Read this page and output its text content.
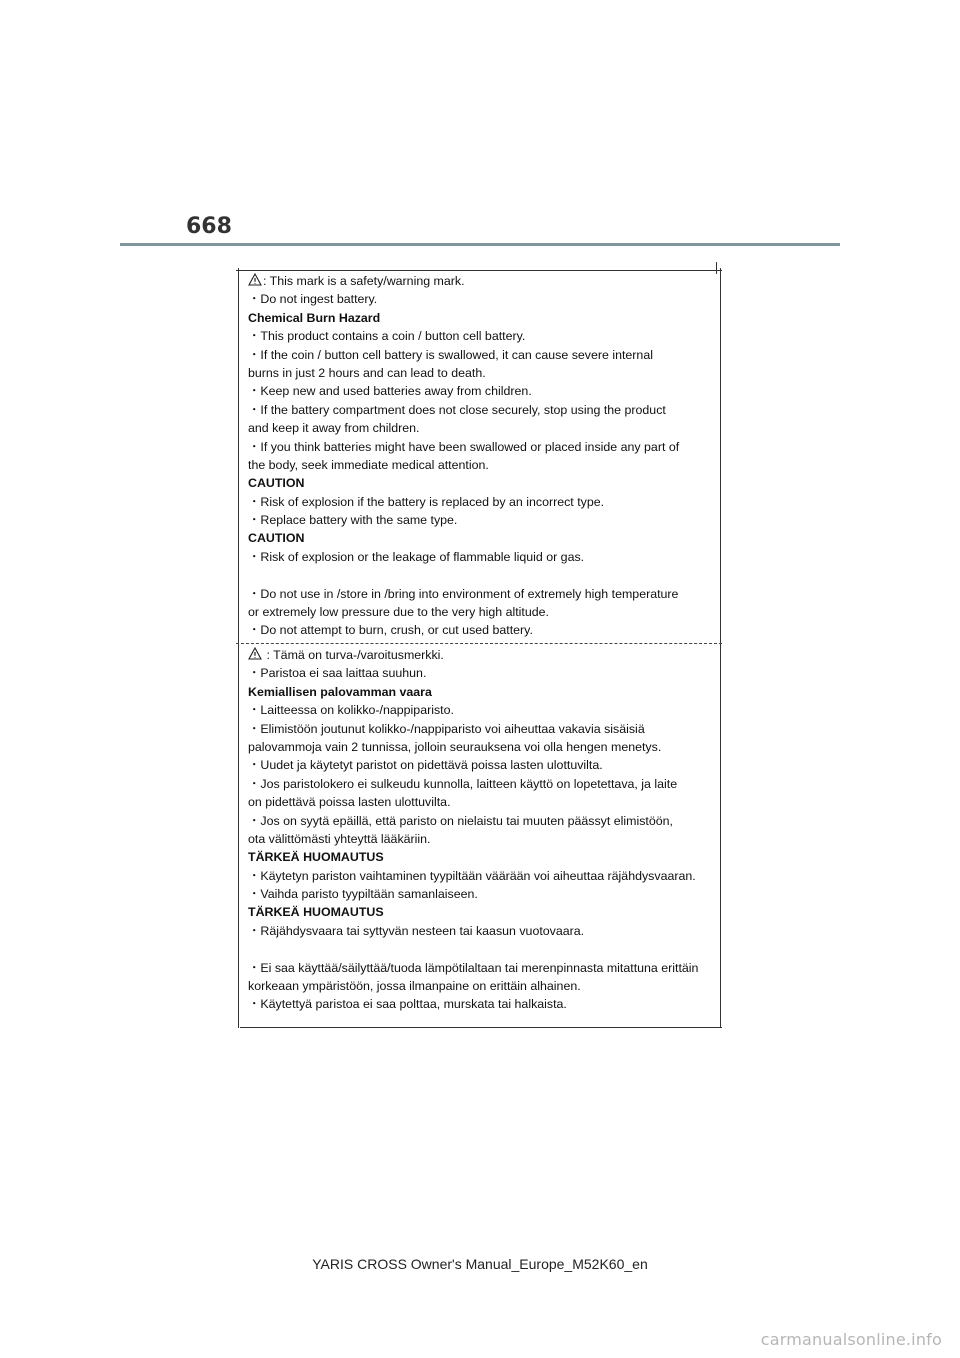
668
: This mark is a safety/warning mark.
・Do not ingest battery.
Chemical Burn Hazard
・This product contains a coin / button cell battery.
・If the coin / button cell battery is swallowed, it can cause severe internal
burns in just 2 hours and can lead to death.
・Keep new and used batteries away from children.
・If the battery compartment does not close securely, stop using the product
and keep it away from children.
・If you think batteries might have been swallowed or placed inside any part of
the body, seek immediate medical attention.
CAUTION
・Risk of explosion if the battery is replaced by an incorrect type.
・Replace battery with the same type.
CAUTION
・Risk of explosion or the leakage of flammable liquid or gas.
・Do not use in /store in /bring into environment of extremely high temperature
or extremely low pressure due to the very high altitude.
・Do not attempt to burn, crush, or cut used battery.
: Tämä on turva-/varoitusmerkki.
・Paristoa ei saa laittaa suuhun.
Kemiallisen palovamman vaara
・Laitteessa on kolikko-/nappiparisto.
・Elimistöön joutunut kolikko-/nappiparisto voi aiheuttaa vakavia sisäisiä
palovammoja vain 2 tunnissa, jolloin seurauksena voi olla hengen menetys.
・Uudet ja käytetyt paristot on pidettävä poissa lasten ulottuvilta.
・Jos paristolokero ei sulkeudu kunnolla, laitteen käyttö on lopetettava, ja laite
on pidettävä poissa lasten ulottuvilta.
・Jos on syytä epäillä, että paristo on nielaistu tai muuten päässyt elimistöön,
ota välittömästi yhteyttä lääkäriin.
TÄRKEÄ HUOMAUTUS
・Käytetyn pariston vaihtaminen tyypiltään väärään voi aiheuttaa räjähdysvaaran.
・Vaihda paristo tyypiltään samanlaiseen.
TÄRKEÄ HUOMAUTUS
・Räjähdysvaara tai syttyvän nesteen tai kaasun vuotovaara.
・Ei saa käyttää/säilyttää/tuoda lämpötilaltaan tai merenpinnasta mitattuna erittäin
korkeaan ympäristöön, jossa ilmanpaine on erittäin alhainen.
・Käytettyä paristoa ei saa polttaa, murskata tai halkaista.
YARIS CROSS Owner's Manual_Europe_M52K60_en
carmanualsonline.info
